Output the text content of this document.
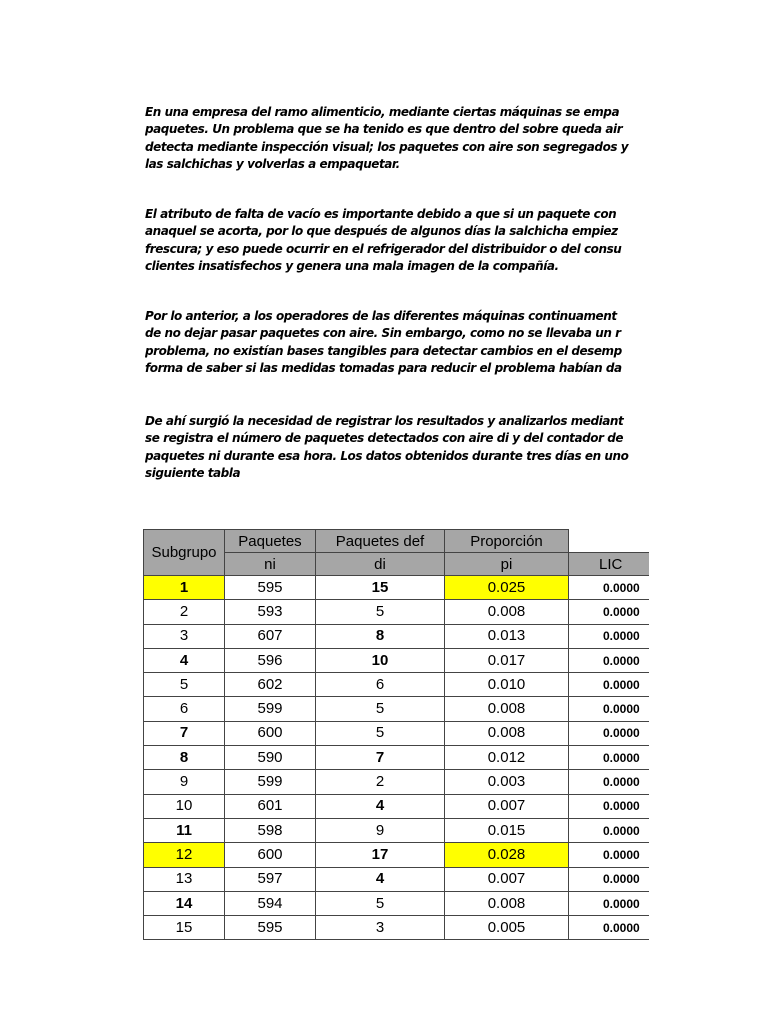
En una empresa del ramo alimenticio, mediante ciertas máquinas se empa
paquetes. Un problema que se ha tenido es que dentro del sobre queda air
detecta mediante inspección visual; los paquetes con aire son segregados y
las salchichas y volverlas a empaquetar.
El atributo de falta de vacío es importante debido a que si un paquete con
anaquel se acorta, por lo que después de algunos días la salchicha empiez
frescura; y eso puede ocurrir en el refrigerador del distribuidor o del consu
clientes insatisfechos y genera una mala imagen de la compañía.
Por lo anterior, a los operadores de las diferentes máquinas continuament
de no dejar pasar paquetes con aire. Sin embargo, como no se llevaba un r
problema, no existían bases tangibles para detectar cambios en el desemp
forma de saber si las medidas tomadas para reducir el problema habían da
De ahí surgió la necesidad de registrar los resultados y analizarlos mediant
se registra el número de paquetes detectados con aire di y del contador de
paquetes ni durante esa hora. Los datos obtenidos durante tres días en uno
siguiente tabla
Subgrupo	Paquetes	Paquetes def	Proporción	
	ni	di	pi	LIC
1	595	15	0.025	0.0000
2	593	5	0.008	0.0000
3	607	8	0.013	0.0000
4	596	10	0.017	0.0000
5	602	6	0.010	0.0000
6	599	5	0.008	0.0000
7	600	5	0.008	0.0000
8	590	7	0.012	0.0000
9	599	2	0.003	0.0000
10	601	4	0.007	0.0000
11	598	9	0.015	0.0000
12	600	17	0.028	0.0000
13	597	4	0.007	0.0000
14	594	5	0.008	0.0000
15	595	3	0.005	0.0000
